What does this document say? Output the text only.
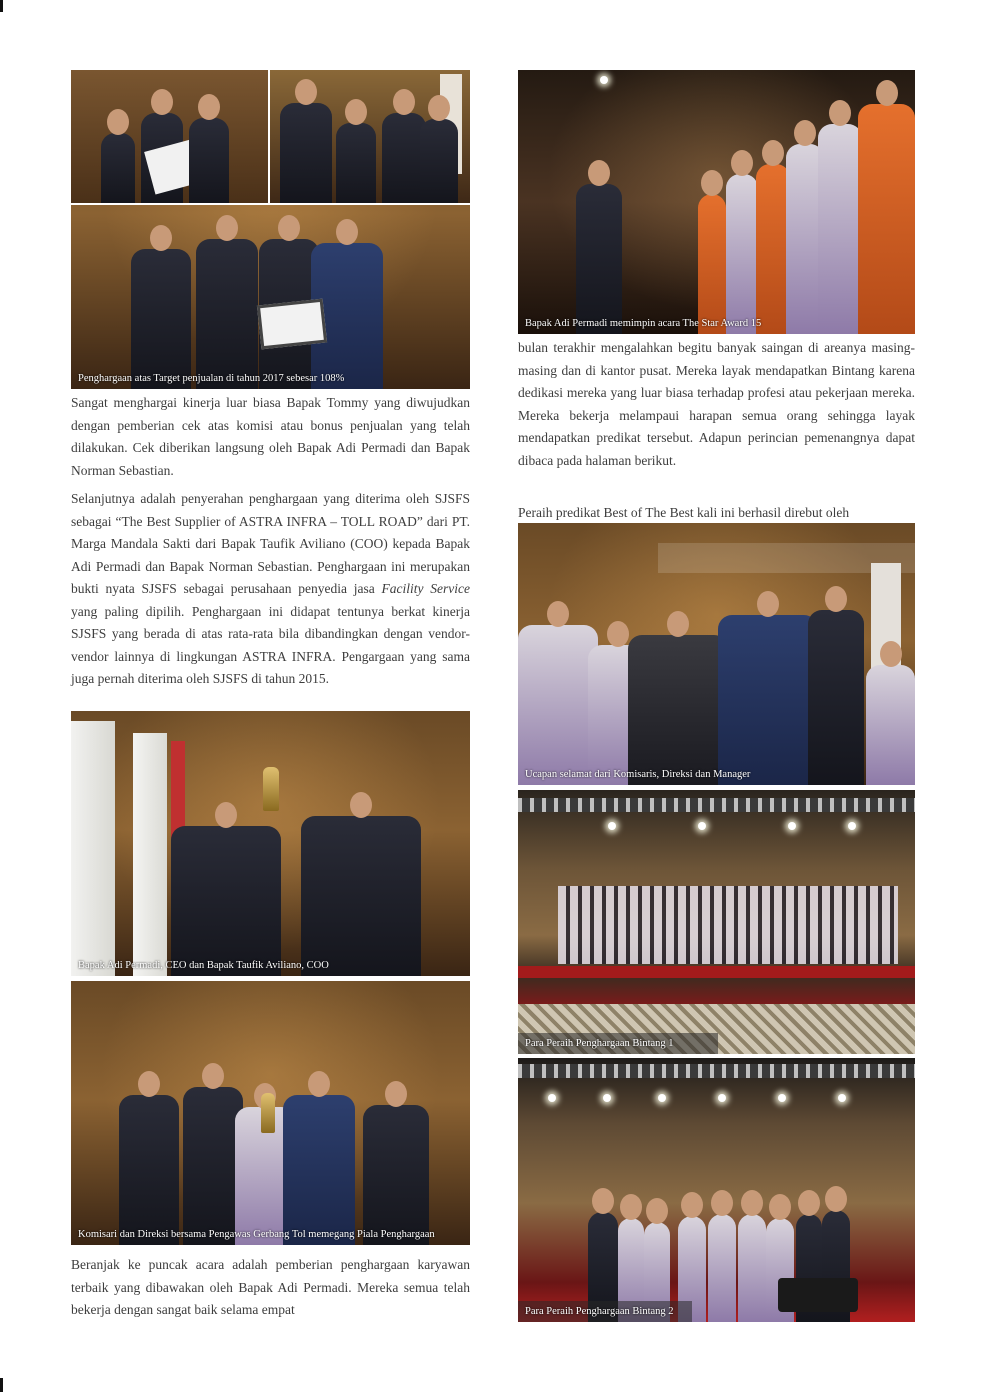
Penghargaan atas Target penjualan di tahun 2017 sebesar 108%

Sangat menghargai kinerja luar biasa Bapak Tommy yang diwujudkan dengan pemberian cek atas komisi atau bonus penjualan yang telah dilakukan. Cek diberikan langsung oleh Bapak Adi Permadi dan Bapak Norman Sebastian.

Selanjutnya adalah penyerahan penghargaan yang diterima oleh SJSFS sebagai “The Best Supplier of ASTRA INFRA – TOLL ROAD” dari PT. Marga Mandala Sakti dari Bapak Taufik Aviliano (COO) kepada Bapak Adi Permadi dan Bapak Norman Sebastian. Penghargaan ini merupakan bukti nyata SJSFS sebagai perusahaan penyedia jasa Facility Service yang paling dipilih. Penghargaan ini didapat tentunya berkat kinerja SJSFS yang berada di atas rata-rata bila dibandingkan dengan vendor-vendor lainnya di lingkungan ASTRA INFRA. Pengargaan yang sama juga pernah diterima oleh SJSFS di tahun 2015.

Bapak Adi Permadi, CEO dan Bapak Taufik Aviliano, COO
Komisari dan Direksi bersama Pengawas Gerbang Tol memegang Piala Penghargaan

Beranjak ke puncak acara adalah pemberian penghargaan karyawan terbaik yang dibawakan oleh Bapak Adi Permadi. Mereka semua telah bekerja dengan sangat baik selama empat

Bapak Adi Permadi memimpin acara The Star Award 15

bulan terakhir mengalahkan begitu banyak saingan di areanya masing-masing dan di kantor pusat. Mereka layak mendapatkan Bintang karena dedikasi mereka yang luar biasa terhadap profesi atau pekerjaan mereka. Mereka bekerja melampaui harapan semua orang sehingga layak mendapatkan predikat tersebut. Adapun perincian pemenangnya dapat dibaca pada halaman berikut.

Peraih predikat Best of The Best kali ini berhasil direbut oleh

Ucapan selamat dari Komisaris, Direksi dan Manager
Para Peraih Penghargaan Bintang 1
Para Peraih Penghargaan Bintang 2
